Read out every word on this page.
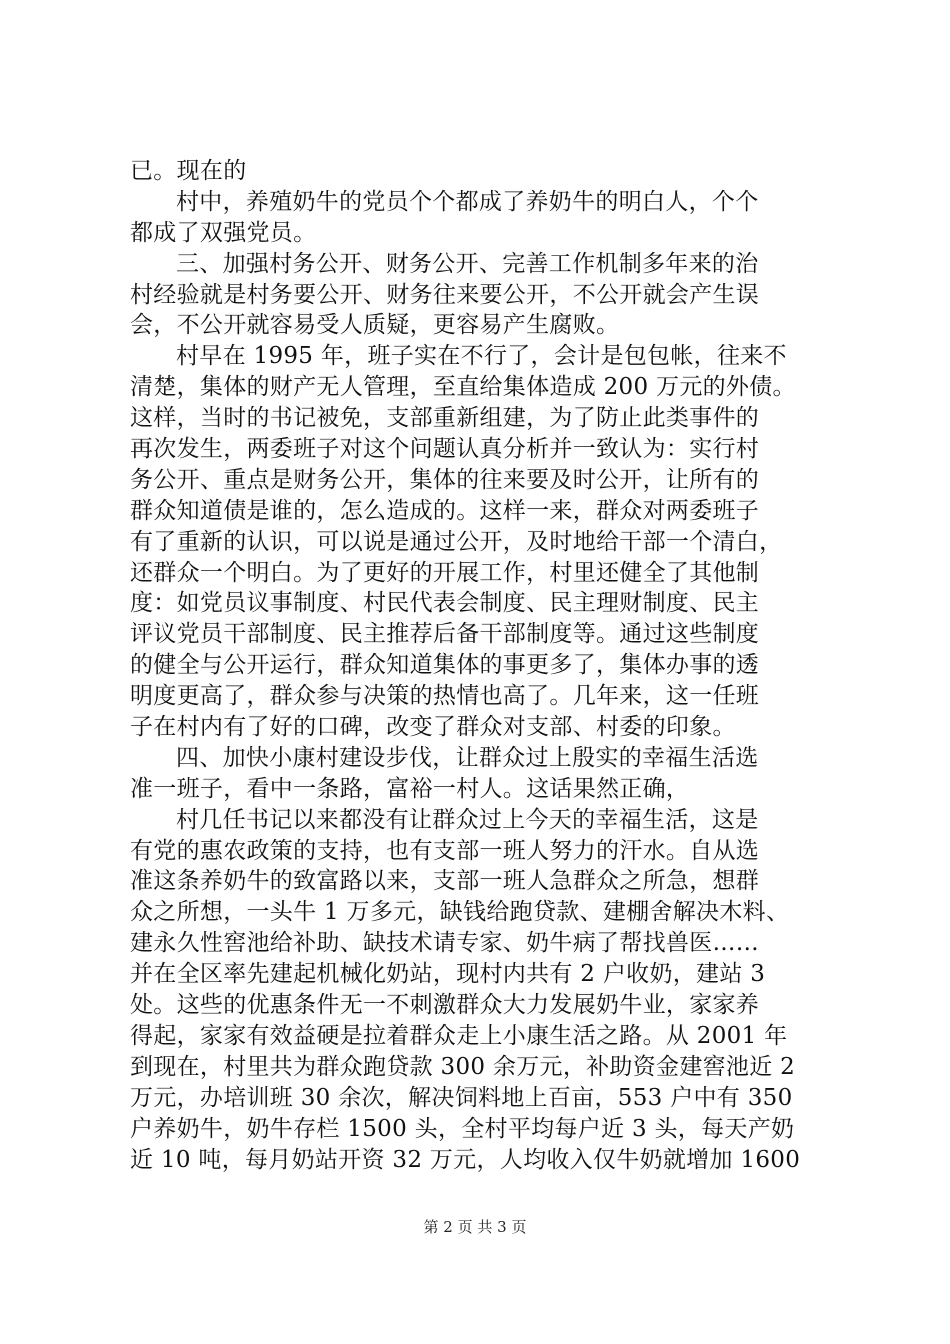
已。现在的
村中，养殖奶牛的党员个个都成了养奶牛的明白人，个个
都成了双强党员。
三、加强村务公开、财务公开、完善工作机制多年来的治
村经验就是村务要公开、财务往来要公开，不公开就会产生误
会，不公开就容易受人质疑，更容易产生腐败。
村早在 1995 年，班子实在不行了，会计是包包帐，往来不
清楚，集体的财产无人管理，至直给集体造成 200 万元的外债。
这样，当时的书记被免，支部重新组建，为了防止此类事件的
再次发生，两委班子对这个问题认真分析并一致认为：实行村
务公开、重点是财务公开，集体的往来要及时公开，让所有的
群众知道债是谁的，怎么造成的。这样一来，群众对两委班子
有了重新的认识，可以说是通过公开，及时地给干部一个清白，
还群众一个明白。为了更好的开展工作，村里还健全了其他制
度：如党员议事制度、村民代表会制度、民主理财制度、民主
评议党员干部制度、民主推荐后备干部制度等。通过这些制度
的健全与公开运行，群众知道集体的事更多了，集体办事的透
明度更高了，群众参与决策的热情也高了。几年来，这一任班
子在村内有了好的口碑，改变了群众对支部、村委的印象。
四、加快小康村建设步伐，让群众过上殷实的幸福生活选
准一班子，看中一条路，富裕一村人。这话果然正确，
村几任书记以来都没有让群众过上今天的幸福生活，这是
有党的惠农政策的支持，也有支部一班人努力的汗水。自从选
准这条养奶牛的致富路以来，支部一班人急群众之所急，想群
众之所想，一头牛 1 万多元，缺钱给跑贷款、建棚舍解决木料、
建永久性窖池给补助、缺技术请专家、奶牛病了帮找兽医……
并在全区率先建起机械化奶站，现村内共有 2 户收奶，建站 3
处。这些的优惠条件无一不刺激群众大力发展奶牛业，家家养
得起，家家有效益硬是拉着群众走上小康生活之路。从 2001 年
到现在，村里共为群众跑贷款 300 余万元，补助资金建窖池近 2
万元，办培训班 30 余次，解决饲料地上百亩，553 户中有 350
户养奶牛，奶牛存栏 1500 头，全村平均每户近 3 头，每天产奶
近 10 吨，每月奶站开资 32 万元，人均收入仅牛奶就增加 1600
第 2 页 共 3 页
